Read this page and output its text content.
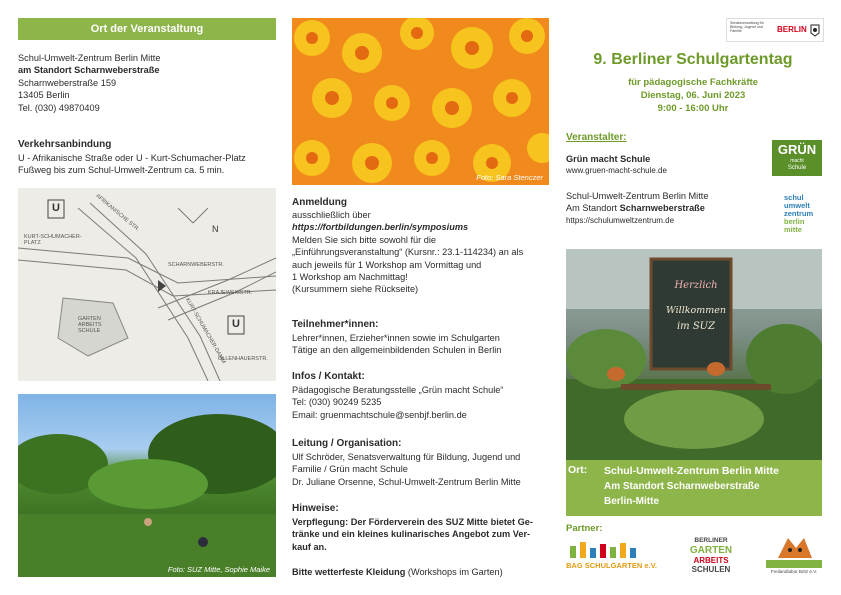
Ort der Veranstaltung
Schul-Umwelt-Zentrum Berlin Mitte
am Standort Scharnweberstraße
Scharnweberstraße 159
13405 Berlin
Tel. (030) 49870409
Verkehrsanbindung
U - Afrikanische Straße oder U - Kurt-Schumacher-Platz
Fußweg bis zum Schul-Umwelt-Zentrum ca. 5 min.
U
U
N
AFRIKANISCHE STR.
KURT-SCHUMACHER-PLATZ
SCHARNWEBERSTR.
KRAJEWSKISTR.
GARTEN ARBEITS SCHULE	KURT-SCHUMACHER-DAMM
OLLENHAUERSTR.
Foto: SUZ Mitte, Sophie Maike
Foto: Sara Stenczer
Anmeldung
ausschließlich über
https://fortbildungen.berlin/symposiums
Melden Sie sich bitte sowohl für die
„Einführungsveranstaltung“ (Kursnr.: 23.1-114234) an als
auch jeweils für 1 Workshop am Vormittag und
1 Workshop am Nachmittag!
(Kursummern siehe Rückseite)
Teilnehmer*innen:
Lehrer*innen, Erzieher*innen sowie im Schulgarten
Tätige an den allgemeinbildenden Schulen in Berlin
Infos / Kontakt:
Pädagogische Beratungsstelle „Grün macht Schule“
Tel: (030) 90249 5235
Email: gruenmachtschule@senbjf.berlin.de
Leitung / Organisation:
Ulf Schröder, Senatsverwaltung für Bildung, Jugend und
Familie / Grün macht Schule
Dr. Juliane Orsenne, Schul-Umwelt-Zentrum Berlin Mitte
Hinweise:
Verpflegung: Der Förderverein des SUZ Mitte bietet Ge-
tränke und ein kleines kulinarisches Angebot zum Ver-
kauf an.
Bitte wetterfeste Kleidung (Workshops im Garten)
Senatsverwaltung für Bildung, Jugend und Familie	BERLIN
9. Berliner Schulgartentag
für pädagogische Fachkräfte
Dienstag, 06. Juni 2023
9:00 - 16:00 Uhr
Veranstalter:
Grün macht Schule
www.gruen-macht-schule.de
GRÜN
macht
Schule
Schul-Umwelt-Zentrum Berlin Mitte
Am Standort Scharnweberstraße
https://schulumweltzentrum.de
schul
umwelt
zentrum
berlin
mitte
Herzlich
Willkommen
im SUZ
Ort: Schul-Umwelt-Zentrum Berlin Mitte
Am Standort Scharnweberstraße
Berlin-Mitte
Partner:
BAG SCHULGARTEN e.V.
BERLINER
GARTEN
ARBEITS
SCHULEN	Freilandlabor Britz e.V.
